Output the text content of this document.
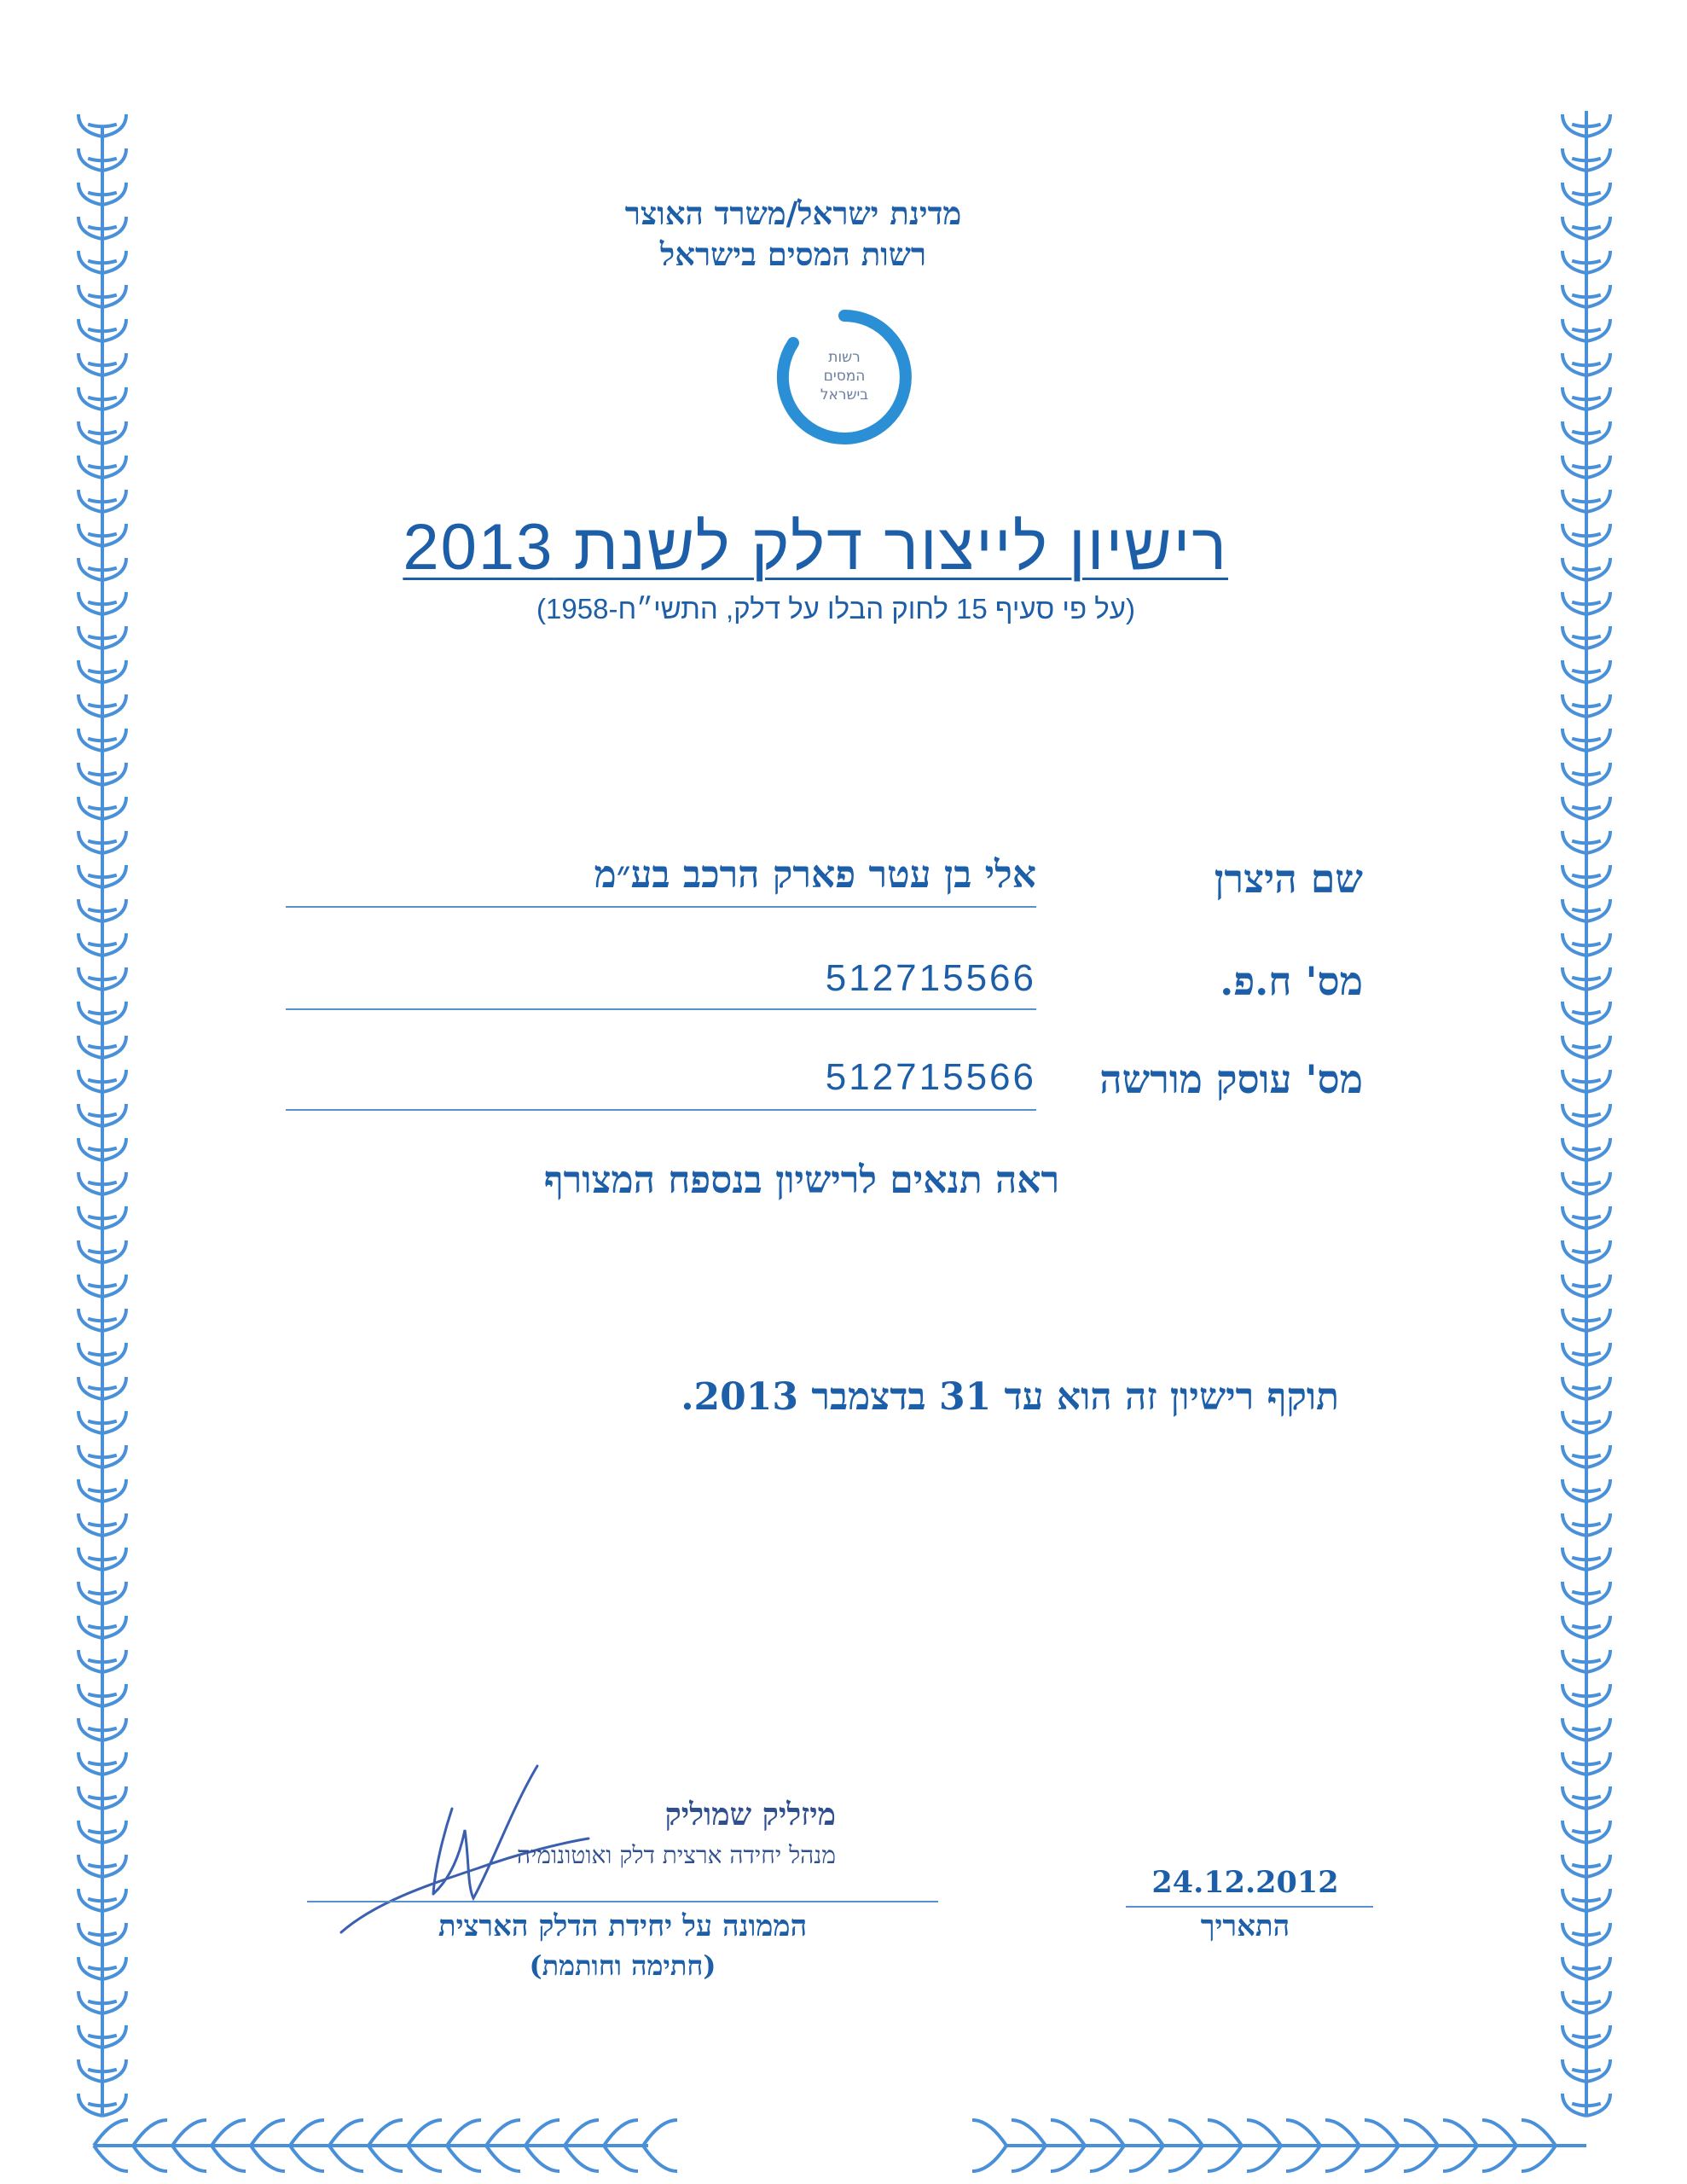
מדינת ישראל/משרד האוצר
רשות המסים בישראל
רשות
המסים
בישראל
רישיון לייצור דלק לשנת 2013
(על פי סעיף 15 לחוק הבלו על דלק, התשי״ח-1958)
שם היצרן
אלי בן עטר פארק הרכב בע״מ
מס' ח.פ.
512715566
מס' עוסק מורשה
512715566
ראה תנאים לרישיון בנספח המצורף
תוקף רישיון זה הוא עד 31 בדצמבר 2013.
מיזליק שמוליק
מנהל יחידה ארצית דלק ואוטונומיה
הממונה על יחידת הדלק הארצית
(חתימה וחותמת)
24.12.2012
התאריך
